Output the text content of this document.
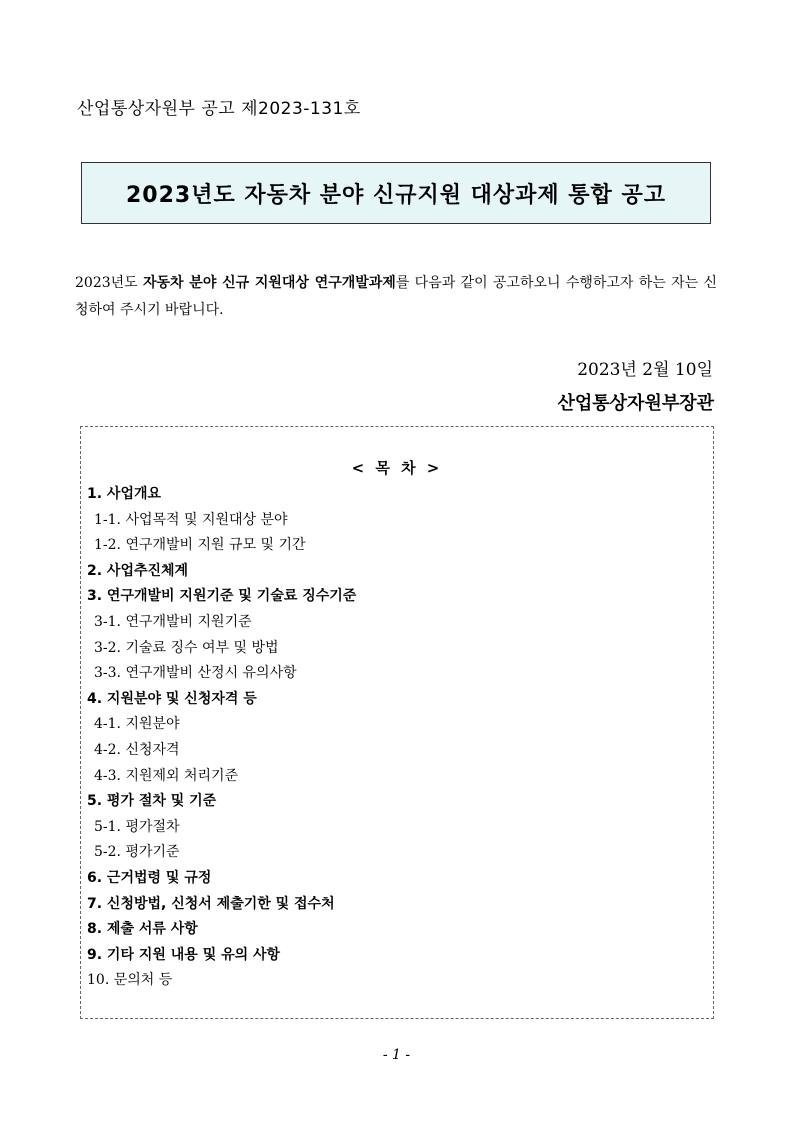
산업통상자원부 공고 제2023-131호
2023년도 자동차 분야 신규지원 대상과제 통합 공고
2023년도 자동차 분야 신규 지원대상 연구개발과제를 다음과 같이 공고하오니 수행하고자 하는 자는 신청하여 주시기 바랍니다.
2023년 2월 10일
산업통상자원부장관
< 목 차 >
1. 사업개요
1-1. 사업목적 및 지원대상 분야
1-2. 연구개발비 지원 규모 및 기간
2. 사업추진체계
3. 연구개발비 지원기준 및 기술료 징수기준
3-1. 연구개발비 지원기준
3-2. 기술료 징수 여부 및 방법
3-3. 연구개발비 산정시 유의사항
4. 지원분야 및 신청자격 등
4-1. 지원분야
4-2. 신청자격
4-3. 지원제외 처리기준
5. 평가 절차 및 기준
5-1. 평가절차
5-2. 평가기준
6. 근거법령 및 규정
7. 신청방법, 신청서 제출기한 및 접수처
8. 제출 서류 사항
9. 기타 지원 내용 및 유의 사항
10. 문의처 등
- 1 -
